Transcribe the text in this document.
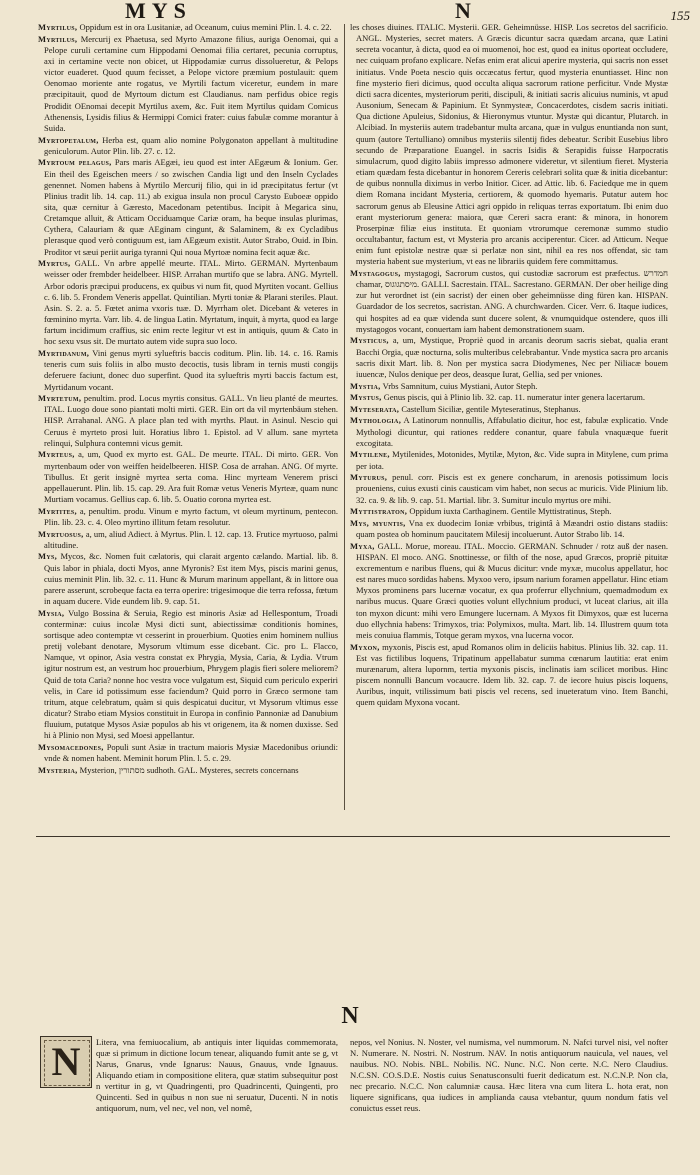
MYS	N	155

Myrtilus, Oppidum est in ora Lusitaniæ, ad Oceanum, cuius memini Plin. l. 4. c. 22.

Myrtilus, Mercurij ex Phaetusa, sed Myrto Amazone filius, auriga Oenomai, qui a Pelope curuli certamine cum Hippodami Oenomai filia certaret, pecunia corruptus, axi in certamine vecte non obicet, ut Hippodamiæ currus dissolueretur, & Pelops victor euaderet. Quod quum fecisset, a Pelope victore præmium postulauit: quem Oenomao moriente ante rogatus, ve Myrtili factum viceretur, eundem in mare præcipitauit, quod de Myrtoum dictum est Claudianus. nam perfidus obice regis Prodidit OEnomai decepit Myrtilus axem, &c. Fuit item Myrtilus quidam Comicus Athenensis, Lysidis filius & Hermippi Comici frater: cuius fabulæ comme morantur à Suida.

Myrtopetalum, Herba est, quam alio nomine Polygonaton appellant à multitudine geniculorum. Autor Plin. lib. 27. c. 12.

Myrtoum pelagus, Pars maris AEgæi, ieu quod est inter AEgæum & Ionium. Ger. Ein theil des Egeischen meers / so zwischen Candia ligt und den Inseln Cyclades genennet. Nomen habens à Myrtilo Mercurij filio, qui in id præcipitatus fertur (vt Plinius tradit lib. 14. cap. 11.) ab exigua insula non procul Carysto Euboeæ oppido sita, quæ cernitur à Gæresto, Macedonam petentibus. Incipit à Megarica sinu, Cretamque alluit, & Atticam Occiduamque Cariæ oram, ha beque insulas plurimas, Cythera, Calauriam & quæ AEginam cingunt, & Salaminem, & ex Cycladibus plerasque quod verò contiguum est, iam AEgæum existit. Autor Strabo, Ouid. in Ibin. Proditor vt sæui periit auriga tyranni Qui noua Myrtoæ nomina fecit aquæ &c.

Myrtus, GALL. Vn arbre appellé meurte. ITAL. Mirto. GERMAN. Myrtenbaum weisser oder frembder heidelbeer. HISP. Arrahan murtifo que se labra. ANG. Myrtell. Arbor odoris præcipui producens, ex quibus vi num fit, quod Myrtiten vocant. Gellius c. 6. lib. 5. Frondem Veneris appellat. Quintilian. Myrti toniæ & Plarani steriles. Plaut. Asin. S. 2. a. 5. Fœtet anima vxoris tuæ. D. Myrrham olet. Dicebant & veteres in fœminino myrta. Varr. lib. 4. de lingua Latin. Myrtatum, inquit, à myrta, quod ea large fartum incidimum craffius, sic enim recte legitur vt est in antiquis, quum & Cato in hoc sexu vsus sit. De murtato autem vide supra suo loco.

Myrtidanum, Vini genus myrti sylueftris baccis coditum. Plin. lib. 14. c. 16. Ramis teneris cum suis foliis in albo musto decoctis, tusis libram in ternis musti congijs deferuere faciunt, donec duo superfint. Quod ita sylueftris myrti baccis factum est, Myrtidanum vocant.

Myrtetum, penultim. prod. Locus myrtis consitus. GALL. Vn lieu planté de meurtes. ITAL. Luogo doue sono piantati molti mirti. GER. Ein ort da vil myrtenbäum stehen. HISP. Arrahanal. ANG. A place plan ted with myrths. Plaut. in Asinul. Nescio qui Ceruus è myrteto prosi luit. Horatius libro 1. Epistol. ad V allum. sane myrteta relinqui, Sulphura contemni vicus gemit.

Myrteus, a, um, Quod ex myrto est. GAL. De meurte. ITAL. Di mirto. GER. Von myrtenbaum oder von weiffen heidelbeeren. HISP. Cosa de arrahan. ANG. Of myrte. Tibullus. Et gerit insignè myrtea serta coma. Hinc myrteam Venerem prisci appellauerunt. Plin. lib. 15. cap. 29. Ara fuit Romæ vetus Veneris Myrteæ, quam nunc Murtiam vocamus. Gellius cap. 6. lib. 5. Ouatio corona myrtea est.

Myrtites, a, penultim. produ. Vinum e myrto factum, vt oleum myrtinum, pentecon. Plin. lib. 23. c. 4. Oleo myrtino illitum fetam resolutur.

Myrtuosus, a, um, aliud Adiect. à Myrtus. Plin. l. 12. cap. 13. Frutice myrtuoso, palmi altitudine.

Mys, Mycos, &c. Nomen fuit cælatoris, qui clarait argento cælando. Martial. lib. 8. Quis labor in phiala, docti Myos, anne Myronis? Est item Mys, piscis marini genus, cuius meminit Plin. lib. 32. c. 11. Hunc & Murum marinum appellant, & in littore oua parere asserunt, scrobeque facta ea terra operire: trigesimoque die terra refossa, fœtum in aquam ducere. Vide eundem lib. 9. cap. 51.

Mysia, Vulgo Bossina & Seruia, Regio est minoris Asiæ ad Hellespontum, Troadi conterminæ: cuius incolæ Mysi dicti sunt, abiectissimæ conditionis homines, sortisque adeo contemptæ vt cesserint in prouerbium. Quoties enim hominem nullius pretij volebant denotare, Mysorum vltimum esse dicebant. Cic. pro L. Flacco, Namque, vt opinor, Asia vestra constat ex Phrygia, Mysia, Caria, & Lydia. Vtrum igitur nostrum est, an vestrum hoc prouerbium, Phrygem plagis fieri solere meliorem? Quid de tota Caria? nonne hoc vestra voce vulgatum est, Siquid cum periculo experiri velis, in Care id potissimum esse faciendum? Quid porro in Græco sermone tam tritum, atque celebratum, quàm si quis despicatui ducitur, vt Mysorum vltimus esse dicatur? Strabo etiam Mysios constituit in Europa in confinio Pannoniæ ad Danubium fluuium, putatque Mysos Asiæ populos ab his vt origenem, ita & nomen duxisse. Sed hi à Plinio non Mysi, sed Moesi appellantur.

Mysomacedones, Populi sunt Asiæ in tractum maioris Mysiæ Macedonibus oriundi: vnde & nomen habent. Meminit horum Plin. l. 5. c. 29.

Mysteria, Mysterion, מסתורין sudhoth. GAL. Mysteres, secrets concernans

les choses diuines. ITALIC. Mysterii. GER. Geheimnüsse. HISP. Los secretos del sacrificio. ANGL. Mysteries, secret maters. A Græcis dicuntur sacra quædam arcana, quæ Latini secreta vocantur, à dicta, quod ea oi muomenoi, hoc est, quod ea initus oporteat occludere, nec cuiquam profano explicare. Nefas enim erat alicui aperire mysteria, qui sacris non esset initiatus. Vnde Poeta nescio quis occæcatus fertur, quod mysteria enuntiasset. Hinc non fine mysterio fieri dicimus, quod occulta aliqua sacrorum ratione perficitur. Vnde Mystæ dicti sacra dicentes, mysteriorum periti, discipuli, & initiati sacris alicuius numinis, vt apud Ausonium, Senecam & Papinium. Et Synmysteæ, Concacerdotes, cisdem sacris initiati. Qua dictione Apuleius, Sidonius, & Hieronymus vtuntur. Mystæ qui dicantur, Plutarch. in Alcibiad. In mysteriis autem tradebantur multa arcana, quæ in vulgus enuntianda non sunt, quum (autore Tertulliano) omnibus mysteriis silentij fides debeatur. Scribit Eusebius libro secundo de Præparatione Euangel. in sacris Isidis & Serapidis fuisse Harpocratis simulacrum, quod digito labiis impresso admonere videretur, vt silentium fieret. Mysteria etiam quædam festa dicebantur in honorem Cereris celebrari solita quæ & initia dicebantur: de quibus nonnulla diximus in verbo Initior. Cicer. ad Attic. lib. 6. Faciedque me in quem diem Romana incidant Mysteria, certiorem, & quomodo hyemaris. Putatur autem hoc sacrorum genus ab Eleusine Attici agri oppido in reliquas terras exportatum. Ibi enim duo erant mysteriorum genera: maiora, quæ Cereri sacra erant: & minora, in honorem Proserpinæ filiæ eius instituta. Et quoniam vtrorumque ceremonæ summo studio occultabantur, factum est, vt Mysteria pro arcanis acciperentur. Cicer. ad Atticum. Neque enim funt epistolæ nestræ quæ si perlatæ non sint, nihil ea res nos offendat, sic tam mysteria habent sue mysterium, vt eas ne librariis quidem fere committamus.

Mystagogus, mystagogi, Sacrorum custos, qui custodiæ sacrorum est præfectus. חמדרש chamar, מיסתגוגוס. GALLI. Sacrestain. ITAL. Sacrestano. GERMAN. Der ober heilige ding zur hut verordnet ist (ein sacrist) der einen ober geheimnüsse ding füren kan. HISPAN. Guardador de los secretos, sacristan. ANG. A churchwarden. Cicer. Verr. 6. Itaque iudices, qui hospites ad ea quæ videnda sunt ducere solent, & vnumquidque ostendere, quos illi mystagogos vocant, conuertam iam habent demonstrationem suam.

Mysticus, a, um, Mystique, Propriè quod in arcanis deorum sacris siebat, qualia erant Bacchi Orgia, quæ nocturna, solis multeribus celebrabantur. Vnde mystica sacra pro arcanis sacris dixit Mart. lib. 8. Non per mystica sacra Diodymenes, Nec per Niliacæ bouem iuuencæ, Nulos denique per deos, deasque Iurat, Gellia, sed per vniones.

Mystia, Vrbs Samnitum, cuius Mystiani, Autor Steph.

Mystus, Genus piscis, qui à Plinio lib. 32. cap. 11. numeratur inter genera lacertarum.

Myteserata, Castellum Siciliæ, gentile Myteseratinus, Stephanus.

Mythologia, A Latinorum nonnullis, Affabulatio dicitur, hoc est, fabulæ explicatio. Vnde Mythologi dicuntur, qui rationes reddere conantur, quare fabula vnaquæque fuerit excogitata.

Mytilene, Mytilenides, Motonides, Mytilæ, Myton, &c. Vide supra in Mitylene, cum prima per iota.

Myturus, penul. corr. Piscis est ex genere concharum, in arenosis potissimum locis proueniens, cuius exusti cinis causticam vim habet, non secus ac muricis. Vide Plinium lib. 32. ca. 9. & lib. 9. cap. 51. Martial. libr. 3. Sumitur inculo myrtus ore mihi.

Myttistraton, Oppidum iuxta Carthaginem. Gentile Myttistratinus, Steph.

Mys, myuntis, Vna ex duodecim Ioniæ vrbibus, trigintâ à Mæandri ostio distans stadiis: quam postea ob hominum paucitatem Milesij incoluerunt. Autor Strabo lib. 14.

Myxa, GALL. Morue, moreau. ITAL. Moccio. GERMAN. Schnuder / rotz auß der nasen. HISPAN. El moco. ANG. Snottinesse, or filth of the nose, apud Græcos, propriè pituitæ excrementum e naribus fluens, qui & Mucus dicitur: vnde myxæ, mucolus appellatur, hoc est nares muco sordidas habens. Myxoo vero, ipsum narium foramen appellatur. Hinc etiam Myxos prominens pars lucernæ vocatur, ex qua proferrur ellychnium, quemadmodum ex naribus mucus. Quare Græci quoties volunt ellychnium produci, vt luceat clarius, ait illa ton myxon dicunt: mihi vero Emungere lucernam. A Myxos fit Dimyxos, quæ est lucerna duo ellychnia habens: Trimyxos, tria: Polymixos, multa. Mart. lib. 14. Illustrem quum tota meis conuiua flammis, Totque geram myxos, vna lucerna vocor.

Myxon, myxonis, Piscis est, apud Romanos olim in deliciis habitus. Plinius lib. 32. cap. 11. Est vas fictilibus loquens, Tripatinum appellabatur summa cœnarum lautitia: erat enim murænarum, altera lupornm, tertia myxonis piscis, inclinatis iam scilicet moribus. Hinc piscem nonnulli Bancum vocaucre. Idem lib. 32. cap. 7. de iecore huius piscis loquens, Auribus, inquit, vtilissimum bati piscis vel recens, sed inueteratum vino. Item Banchi, quem quidam Myxona vocant.

N
N	Litera, vna femiuocalium, ab antiquis inter liquidas commemorata, quæ si primum in dictione locum tenear, aliquando fumit ante se g, vt Narus, Gnarus, vnde Ignarus: Nauus, Gnauus, vnde Ignauus. Aliquando etiam in compositione elitera, quæ statim subsequitur post n vertitur in g, vt Quadringenti, pro Quadrincenti, Quingenti, pro Quincenti. Sed in quibus n non sue ni seruatur, Ducenti. N in notis antiquorum, num, vel nec, vel non, vel nomê,

nepos, vel Nonius. N. Noster, vel numisma, vel nummorum. N. Nafci turvel nisi, vel nofter N. Numerare. N. Nostri. N. Nostrum. NAV. In notis antiquorum nauicula, vel naues, vel nauibus. NO. Nobis. NBL. Nobilis. NC. Nunc. N.C. Non certe. N.C. Nero Claudius. N.C.SN. CO.S.D.E. Nostis cuius Senatusconsulti fuerit dedicatum est. N.C.N.P. Non cla, nec precario. N.C.C. Non calumniæ causa. Hæc litera vna cum litera L. hota erat, non liquere significans, qua iudices in amplianda causa vtebantur, quum nondum fatis vel conuictus esset reus.
